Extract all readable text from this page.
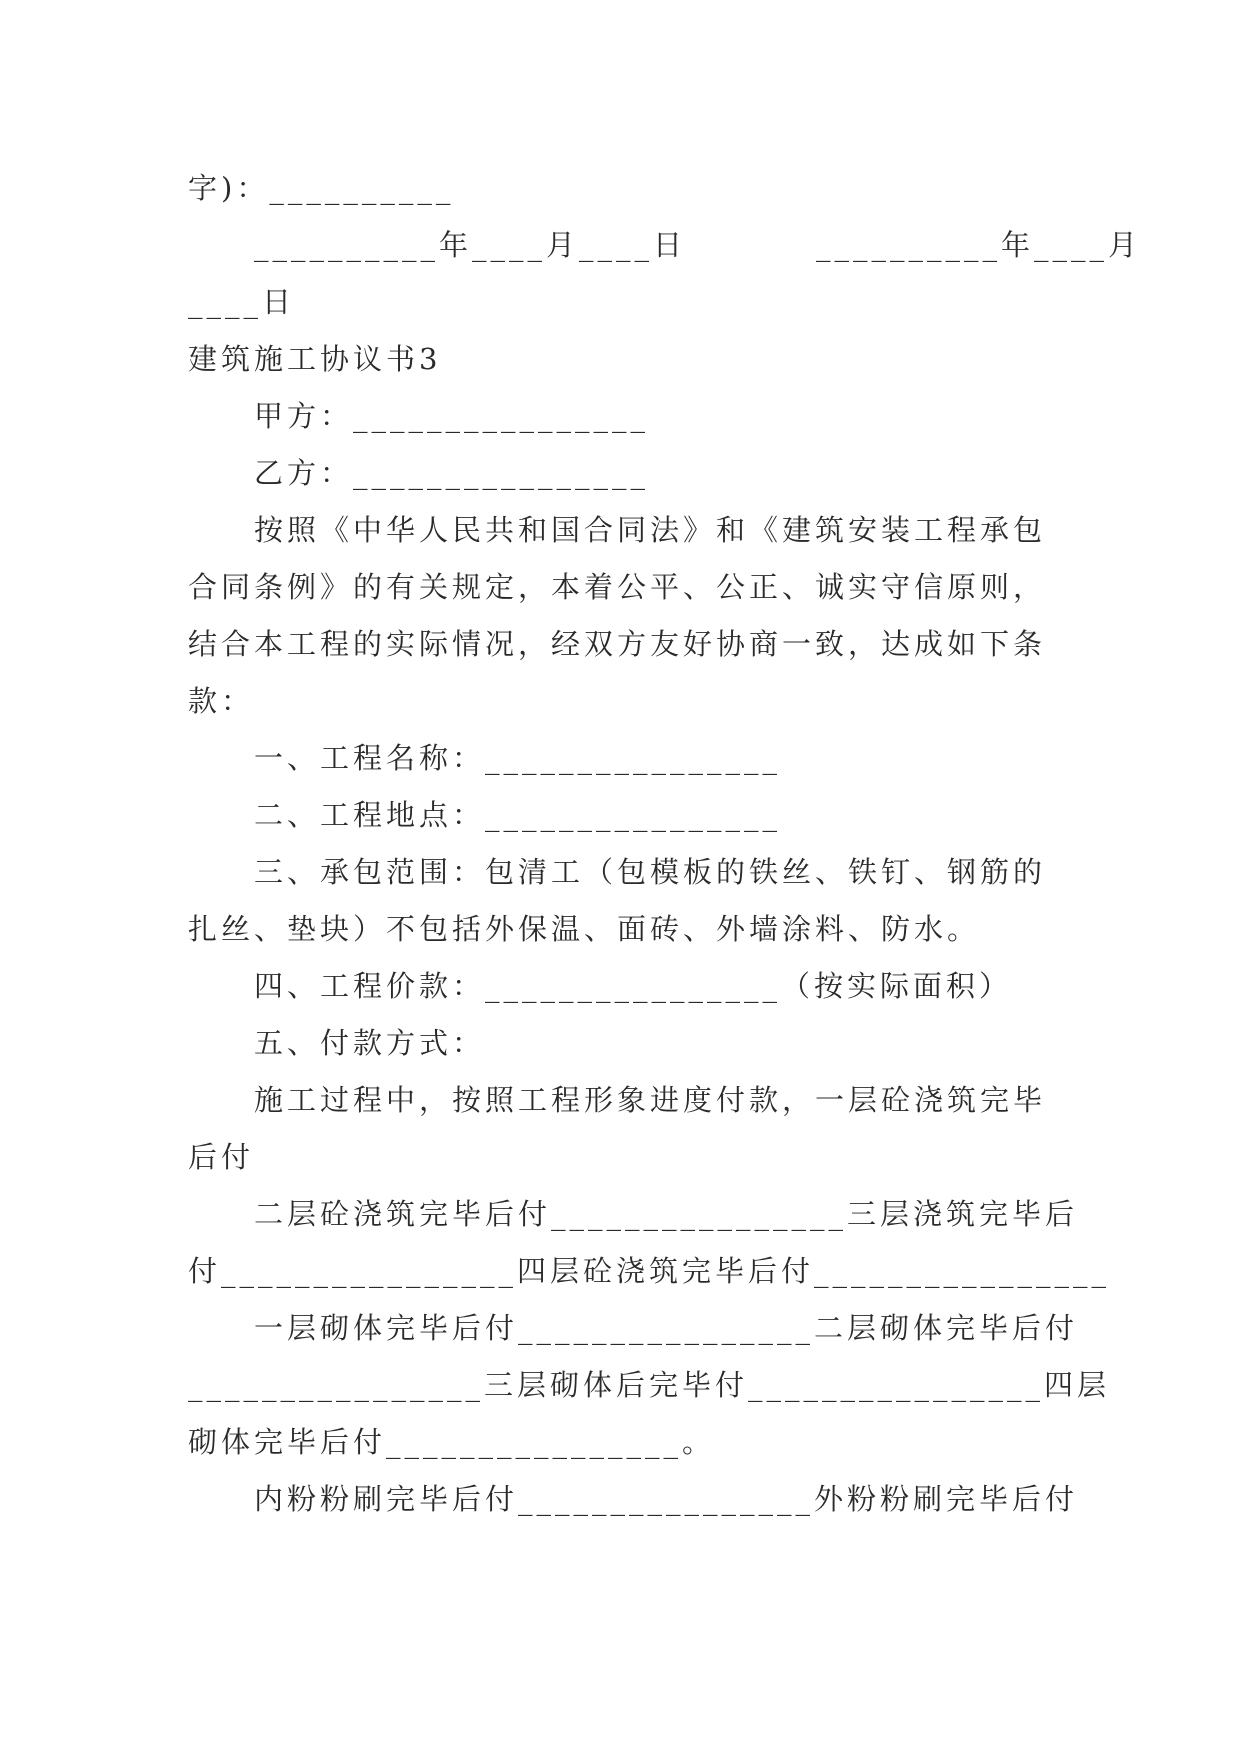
字)：__________
__________年____月____日	__________年____月
____日
建筑施工协议书3
甲方：________________
乙方：________________
按照《中华人民共和国合同法》和《建筑安装工程承包
合同条例》的有关规定，本着公平、公正、诚实守信原则，
结合本工程的实际情况，经双方友好协商一致，达成如下条
款：
一、工程名称：________________
二、工程地点：________________
三、承包范围：包清工（包模板的铁丝、铁钉、钢筋的
扎丝、垫块）不包括外保温、面砖、外墙涂料、防水。
四、工程价款：________________（按实际面积）
五、付款方式：
施工过程中，按照工程形象进度付款，一层砼浇筑完毕
后付
二层砼浇筑完毕后付________________三层浇筑完毕后
付________________四层砼浇筑完毕后付________________
一层砌体完毕后付________________二层砌体完毕后付
________________三层砌体后完毕付________________四层
砌体完毕后付________________。
内粉粉刷完毕后付________________外粉粉刷完毕后付
